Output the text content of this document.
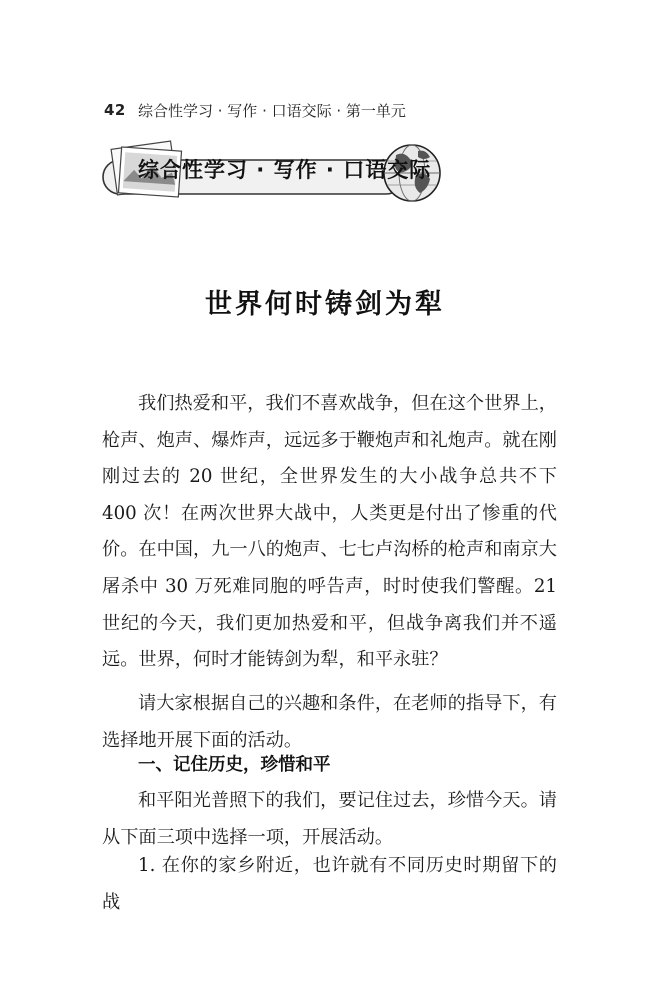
42 综合性学习 · 写作 · 口语交际 · 第一单元
综合性学习 · 写作 · 口语交际
世界何时铸剑为犁

我们热爱和平，我们不喜欢战争，但在这个世界上，枪声、炮声、爆炸声，远远多于鞭炮声和礼炮声。就在刚刚过去的 20 世纪，全世界发生的大小战争总共不下 400 次！在两次世界大战中，人类更是付出了惨重的代价。在中国，九一八的炮声、七七卢沟桥的枪声和南京大屠杀中 30 万死难同胞的呼告声，时时使我们警醒。21 世纪的今天，我们更加热爱和平，但战争离我们并不遥远。世界，何时才能铸剑为犁，和平永驻？

请大家根据自己的兴趣和条件，在老师的指导下，有选择地开展下面的活动。

一、记住历史，珍惜和平

和平阳光普照下的我们，要记住过去，珍惜今天。请从下面三项中选择一项，开展活动。

1. 在你的家乡附近，也许就有不同历史时期留下的战
